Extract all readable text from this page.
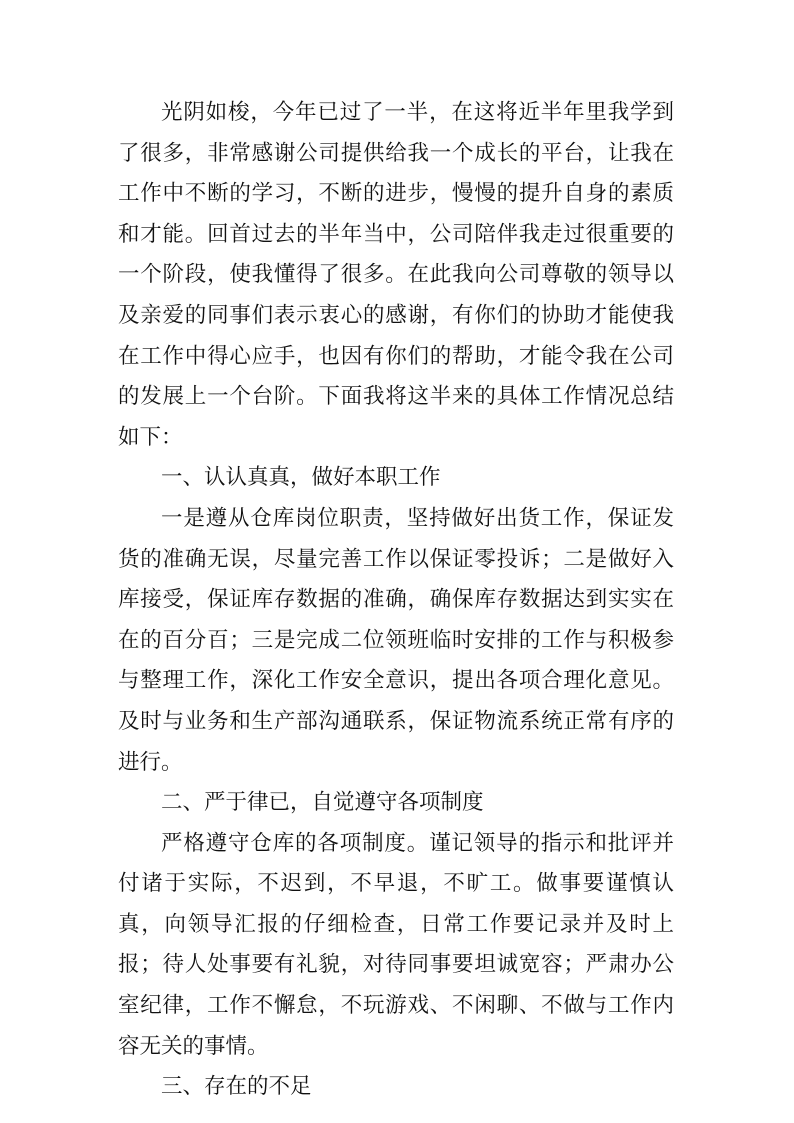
光阴如梭，今年已过了一半，在这将近半年里我学到了很多，非常感谢公司提供给我一个成长的平台，让我在工作中不断的学习，不断的进步，慢慢的提升自身的素质和才能。回首过去的半年当中，公司陪伴我走过很重要的一个阶段，使我懂得了很多。在此我向公司尊敬的领导以及亲爱的同事们表示衷心的感谢，有你们的协助才能使我在工作中得心应手，也因有你们的帮助，才能令我在公司的发展上一个台阶。下面我将这半来的具体工作情况总结如下：

一、认认真真，做好本职工作

一是遵从仓库岗位职责，坚持做好出货工作，保证发货的准确无误，尽量完善工作以保证零投诉；二是做好入库接受，保证库存数据的准确，确保库存数据达到实实在在的百分百；三是完成二位领班临时安排的工作与积极参与整理工作，深化工作安全意识，提出各项合理化意见。及时与业务和生产部沟通联系，保证物流系统正常有序的进行。

二、严于律已，自觉遵守各项制度

严格遵守仓库的各项制度。谨记领导的指示和批评并付诸于实际，不迟到，不早退，不旷工。做事要谨慎认真，向领导汇报的仔细检查，日常工作要记录并及时上报；待人处事要有礼貌，对待同事要坦诚宽容；严肃办公室纪律，工作不懈怠，不玩游戏、不闲聊、不做与工作内容无关的事情。

三、存在的不足
